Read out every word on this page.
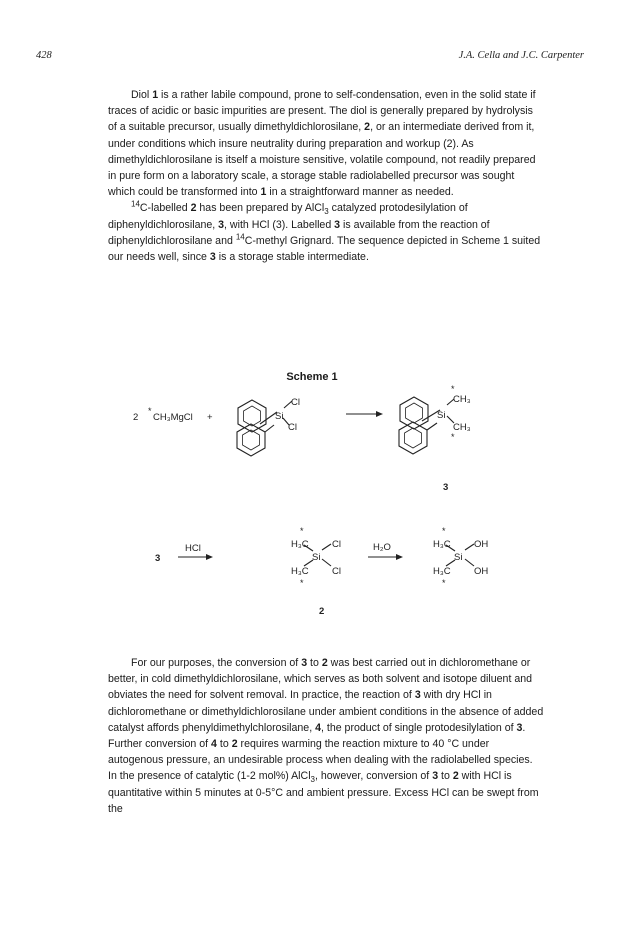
428	J.A. Cella and J.C. Carpenter

Diol 1 is a rather labile compound, prone to self-condensation, even in the solid state if traces of acidic or basic impurities are present. The diol is generally prepared by hydrolysis of a suitable precursor, usually dimethyldichlorosilane, 2, or an intermediate derived from it, under conditions which insure neutrality during preparation and workup (2). As dimethyldichlorosilane is itself a moisture sensitive, volatile compound, not readily prepared in pure form on a laboratory scale, a storage stable radiolabelled precursor was sought which could be transformed into 1 in a straightforward manner as needed.

$^{14}$C-labelled 2 has been prepared by AlCl$_3$ catalyzed protodesilylation of diphenyldichlorosilane, 3, with HCl (3). Labelled 3 is available from the reaction of diphenyldichlorosilane and $^{14}$C-methyl Grignard. The sequence depicted in Scheme 1 suited our needs well, since 3 is a storage stable intermediate.

Scheme 1
2
*
CH₃MgCl +	Si
Cl
Cl
Si
*
CH₃
CH₃
*
3
3
HCl
*
H₃C Cl
Si
H₃C Cl
*
2
H₂O
*
H₃C OH
Si
H₃C OH
*

For our purposes, the conversion of 3 to 2 was best carried out in dichloromethane or better, in cold dimethyldichlorosilane, which serves as both solvent and isotope diluent and obviates the need for solvent removal. In practice, the reaction of 3 with dry HCl in dichloromethane or dimethyldichlorosilane under ambient conditions in the absence of added catalyst affords phenyldimethylchlorosilane, 4, the product of single protodesilylation of 3. Further conversion of 4 to 2 requires warming the reaction mixture to 40 °C under autogenous pressure, an undesirable process when dealing with the radiolabelled species. In the presence of catalytic (1-2 mol%) AlCl$_3$, however, conversion of 3 to 2 with HCl is quantitative within 5 minutes at 0-5°C and ambient pressure. Excess HCl can be swept from the
